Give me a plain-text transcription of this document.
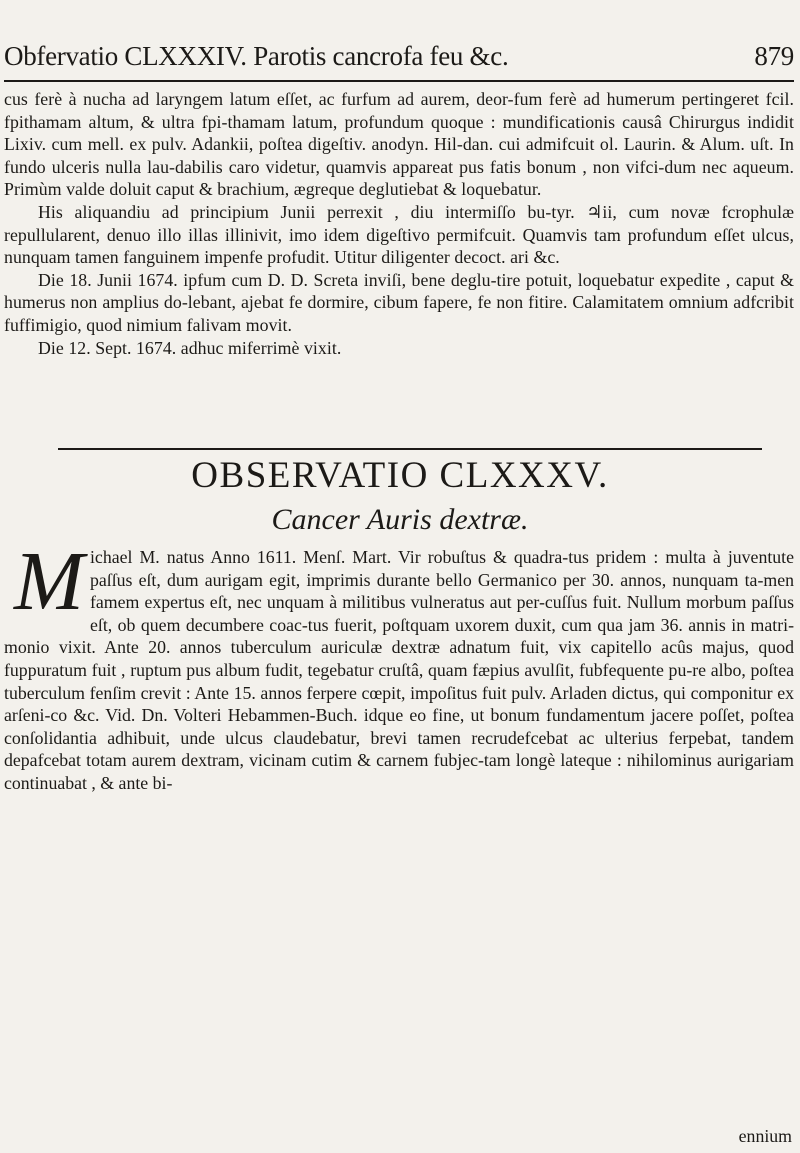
Obfervatio CLXXXIV. Parotis cancrofa feu &c.	879

cus ferè à nucha ad laryngem latum eſſet, ac furfum ad aurem, deor-fum ferè ad humerum pertingeret fcil. fpithamam altum, & ultra fpi-thamam latum, profundum quoque : mundificationis causâ Chirurgus indidit Lixiv. cum mell. ex pulv. Adankii, poſtea digeſtiv. anodyn. Hil-dan. cui admifcuit ol. Laurin. & Alum. uſt. In fundo ulceris nulla lau-dabilis caro videtur, quamvis appareat pus fatis bonum , non vifci-dum nec aqueum. Primùm valde doluit caput & brachium, ægreque deglutiebat & loquebatur.

His aliquandiu ad principium Junii perrexit , diu intermiſſo bu-tyr. ♃ii, cum novæ fcrophulæ repullularent, denuo illo illas illinivit, imo idem digeſtivo permifcuit. Quamvis tam profundum eſſet ulcus, nunquam tamen fanguinem impenfe profudit. Utitur diligenter decoct. ari &c.

Die 18. Junii 1674. ipfum cum D. D. Screta inviſi, bene deglu-tire potuit, loquebatur expedite , caput & humerus non amplius do-lebant, ajebat fe dormire, cibum fapere, fe non fitire. Calamitatem omnium adfcribit fuffimigio, quod nimium falivam movit.

Die 12. Sept. 1674. adhuc miferrimè vixit.

OBSERVATIO CLXXXV.
Cancer Auris dextræ.
M ichael M. natus Anno 1611. Menſ. Mart. Vir robuſtus & quadra-tus pridem : multa à juventute paſſus eſt, dum aurigam egit, imprimis durante bello Germanico per 30. annos, nunquam ta-men famem expertus eſt, nec unquam à militibus vulneratus aut per-cuſſus fuit. Nullum morbum paſſus eſt, ob quem decumbere coac-tus fuerit, poſtquam uxorem duxit, cum qua jam 36. annis in matri-monio vixit. Ante 20. annos tuberculum auriculæ dextræ adnatum fuit, vix capitello acûs majus, quod fuppuratum fuit , ruptum pus album fudit, tegebatur cruſtâ, quam fæpius avulſit, fubfequente pu-re albo, poſtea tuberculum fenſim crevit : Ante 15. annos ferpere cœpit, impoſitus fuit pulv. Arladen dictus, qui componitur ex arſeni-co &c. Vid. Dn. Volteri Hebammen-Buch. idque eo fine, ut bonum fundamentum jacere poſſet, poſtea conſolidantia adhibuit, unde ulcus claudebatur, brevi tamen recrudefcebat ac ulterius ferpebat, tandem depafcebat totam aurem dextram, vicinam cutim & carnem fubjec-tam longè lateque : nihilominus aurigariam continuabat , & ante bi-
ennium
